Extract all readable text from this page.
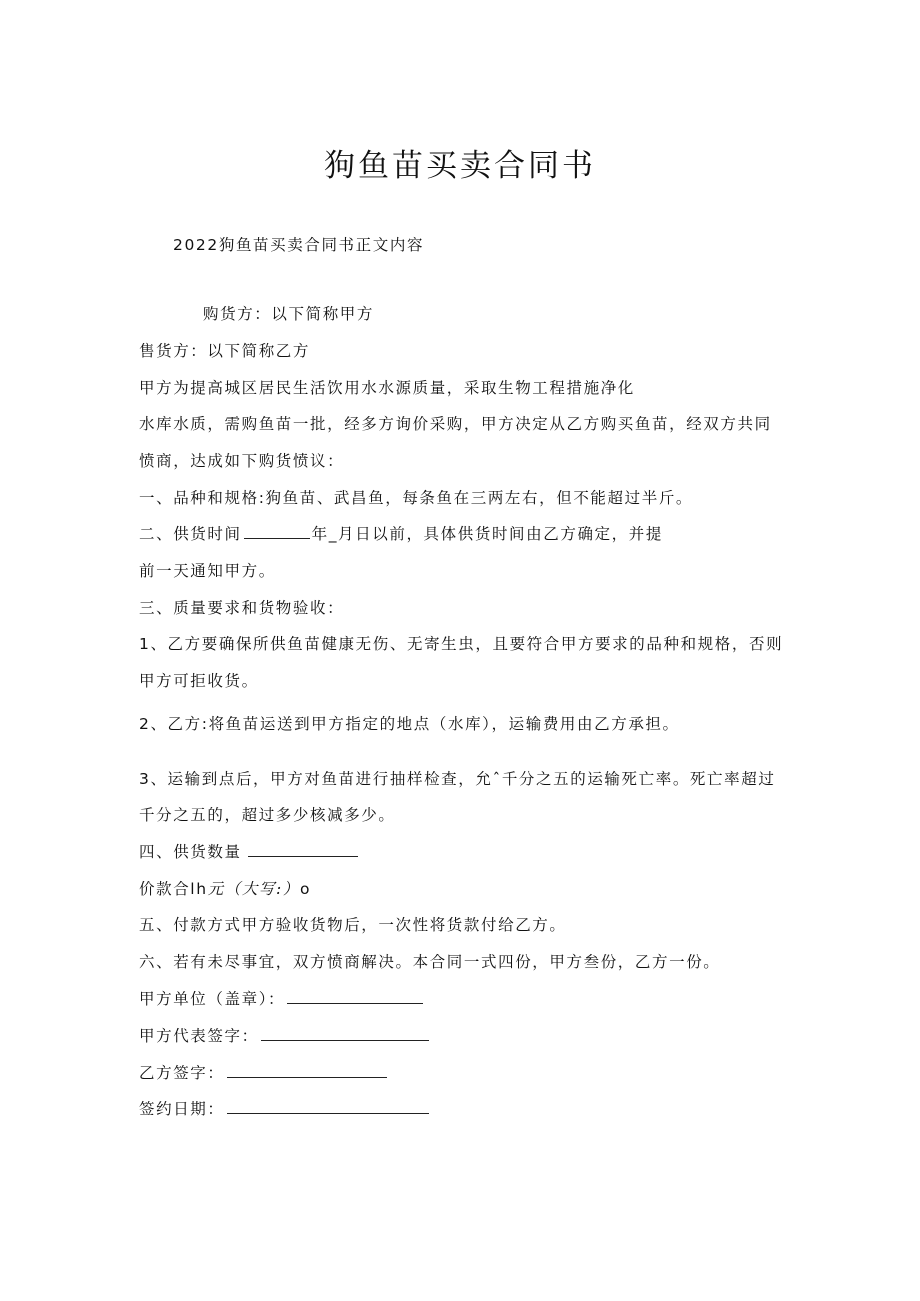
狗鱼苗买卖合同书
2022狗鱼苗买卖合同书正文内容
购货方：以下简称甲方
售货方：以下简称乙方
甲方为提高城区居民生活饮用水水源质量，采取生物工程措施净化
水库水质，需购鱼苗一批，经多方询价采购，甲方决定从乙方购买鱼苗，经双方共同
愤商，达成如下购货愤议：
一、品种和规格:狗鱼苗、武昌鱼，每条鱼在三两左右，但不能超过半斤。
二、供货时间	年_月日以前，具体供货时间由乙方确定，并提
前一天通知甲方。
三、质量要求和货物验收：
1、乙方要确保所供鱼苗健康无伤、无寄生虫，且要符合甲方要求的品种和规格，否则
甲方可拒收货。
2、乙方:将鱼苗运送到甲方指定的地点（水库），运输费用由乙方承担。
3、运输到点后，甲方对鱼苗进行抽样检查，允ˆ千分之五的运输死亡率。死亡率超过
千分之五的，超过多少核减多少。
四、供货数量
价款合lh元（大写:）o
五、付款方式甲方验收货物后，一次性将货款付给乙方。
六、若有未尽事宜，双方愤商解决。本合同一式四份，甲方叁份，乙方一份。
甲方单位（盖章）：
甲方代表签字：
乙方签字：
签约日期：
